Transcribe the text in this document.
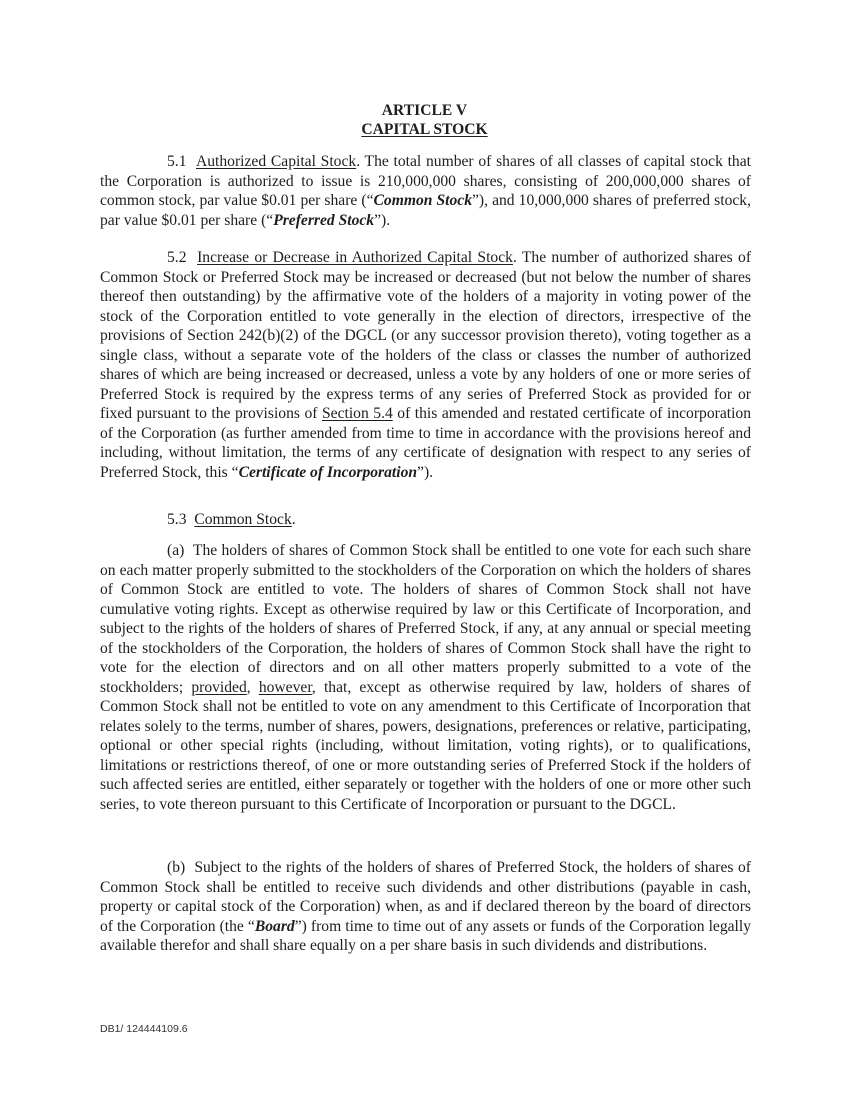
ARTICLE V
CAPITAL STOCK

5.1 Authorized Capital Stock. The total number of shares of all classes of capital stock that the Corporation is authorized to issue is 210,000,000 shares, consisting of 200,000,000 shares of common stock, par value $0.01 per share (“Common Stock”), and 10,000,000 shares of preferred stock, par value $0.01 per share (“Preferred Stock”).

5.2 Increase or Decrease in Authorized Capital Stock. The number of authorized shares of Common Stock or Preferred Stock may be increased or decreased (but not below the number of shares thereof then outstanding) by the affirmative vote of the holders of a majority in voting power of the stock of the Corporation entitled to vote generally in the election of directors, irrespective of the provisions of Section 242(b)(2) of the DGCL (or any successor provision thereto), voting together as a single class, without a separate vote of the holders of the class or classes the number of authorized shares of which are being increased or decreased, unless a vote by any holders of one or more series of Preferred Stock is required by the express terms of any series of Preferred Stock as provided for or fixed pursuant to the provisions of Section 5.4 of this amended and restated certificate of incorporation of the Corporation (as further amended from time to time in accordance with the provisions hereof and including, without limitation, the terms of any certificate of designation with respect to any series of Preferred Stock, this “Certificate of Incorporation”).

5.3 Common Stock.

(a) The holders of shares of Common Stock shall be entitled to one vote for each such share on each matter properly submitted to the stockholders of the Corporation on which the holders of shares of Common Stock are entitled to vote. The holders of shares of Common Stock shall not have cumulative voting rights. Except as otherwise required by law or this Certificate of Incorporation, and subject to the rights of the holders of shares of Preferred Stock, if any, at any annual or special meeting of the stockholders of the Corporation, the holders of shares of Common Stock shall have the right to vote for the election of directors and on all other matters properly submitted to a vote of the stockholders; provided, however, that, except as otherwise required by law, holders of shares of Common Stock shall not be entitled to vote on any amendment to this Certificate of Incorporation that relates solely to the terms, number of shares, powers, designations, preferences or relative, participating, optional or other special rights (including, without limitation, voting rights), or to qualifications, limitations or restrictions thereof, of one or more outstanding series of Preferred Stock if the holders of such affected series are entitled, either separately or together with the holders of one or more other such series, to vote thereon pursuant to this Certificate of Incorporation or pursuant to the DGCL.

(b) Subject to the rights of the holders of shares of Preferred Stock, the holders of shares of Common Stock shall be entitled to receive such dividends and other distributions (payable in cash, property or capital stock of the Corporation) when, as and if declared thereon by the board of directors of the Corporation (the “Board”) from time to time out of any assets or funds of the Corporation legally available therefor and shall share equally on a per share basis in such dividends and distributions.

DB1/ 124444109.6
